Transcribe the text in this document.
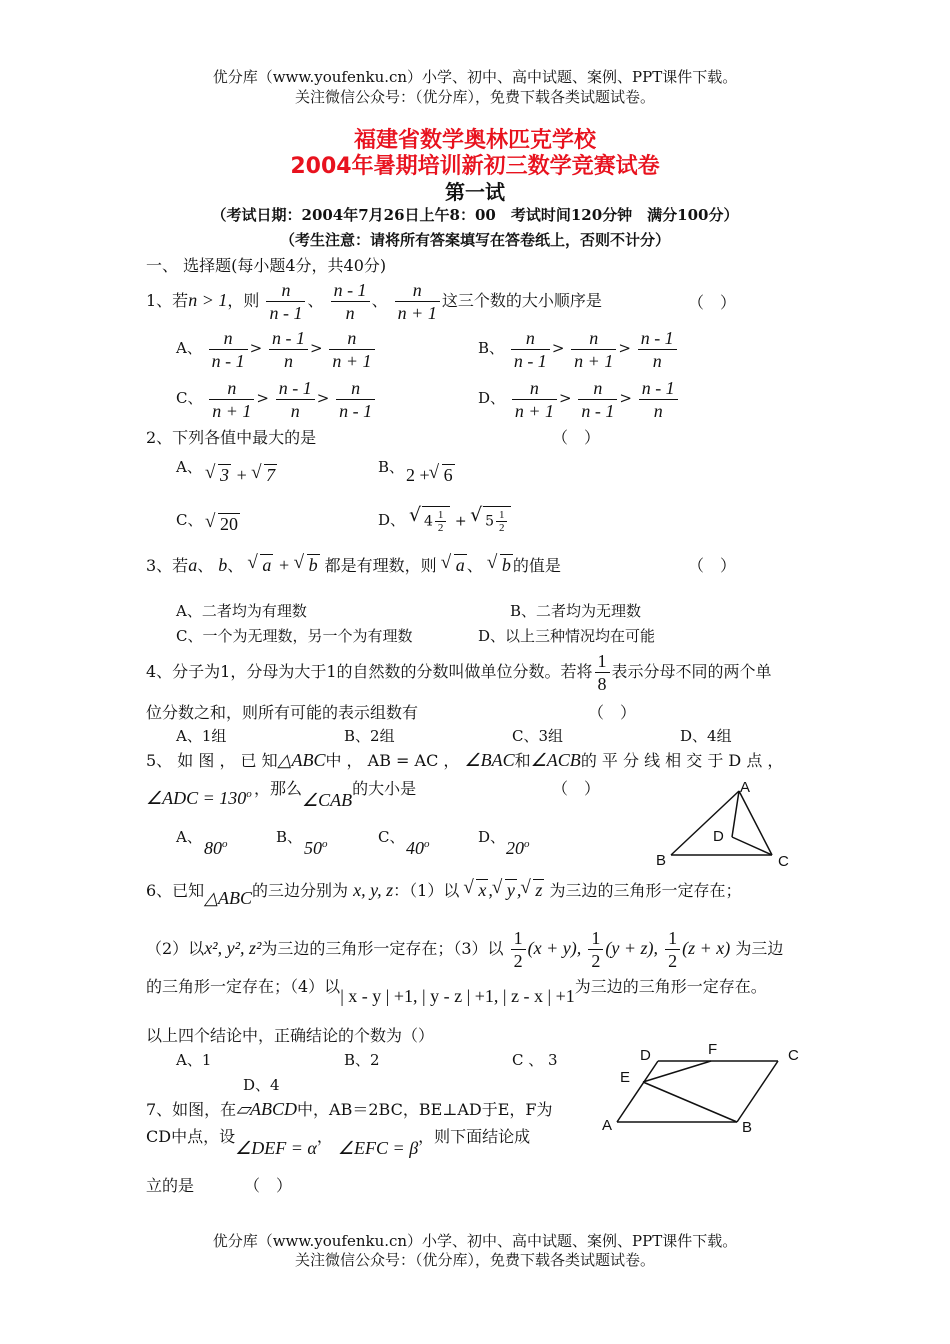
优分库（www.youfenku.cn）小学、初中、高中试题、案例、PPT课件下载。
关注微信公众号：（优分库），免费下载各类试题试卷。
福建省数学奥林匹克学校
2004年暑期培训新初三数学竞赛试卷
第一试
（考试日期：2004年7月26日上午8：00　考试时间120分钟　满分100分）
（考生注意：请将所有答案填写在答卷纸上，否则不计分）
一、 选择题(每小题4分，共40分)
1、若n > 1，则 $\frac{n}{n - 1}$ 、 $\frac{n - 1}{n}$ 、 $\frac{n}{n + 1}$ 这三个数的大小顺序是	（　）
A、 $\frac{n}{n - 1} > \frac{n - 1}{n} > \frac{n}{n + 1}$	B、 $\frac{n}{n - 1} > \frac{n}{n + 1} > \frac{n - 1}{n}$
C、 $\frac{n}{n + 1} > \frac{n - 1}{n} > \frac{n}{n - 1}$	D、 $\frac{n}{n + 1} > \frac{n}{n - 1} > \frac{n - 1}{n}$
2、下列各值中最大的是	（　）
A、	√ 3 + √ 7	B、 2 + √ 6
C、 √ 20	D、	√ $4 \frac{1}{2}$ + √ $5 \frac{1}{2}$
3、若a、 b、 √ a + √ b 都是有理数，则 √ a 、 √ b 的值是	（　）
A、二者均为有理数	B、二者均为无理数
C、一个为无理数，另一个为有理数	D、以上三种情况均在可能
4、分子为1，分母为大于1的自然数的分数叫做单位分数。若将 $\frac{1}{8}$ 表示分母不同的两个单
位分数之和，则所有可能的表示组数有	（　）
A、1组	B、2组	C、3组	D、4组
5、 如 图 ， 已 知△ABC中 ， AB = AC ， ∠BAC和∠ACB的 平 分 线 相 交 于 D 点 ，
∠ADC = $130^o$ ，那么∠CAB的大小是	（　）
A、
80$^o$	B、
50$^o$	C、
40$^o$	D、
20$^o$
A
B	C
D
6、已知△ABC的三边分别为 x, y, z：（1）以 √ x , √ y , √ z 为三边的三角形一定存在；
（2）以x², y², z²为三边的三角形一定存在；（3）以 $\frac{1}{2} (x + y)$, $\frac{1}{2} (y + z)$, $\frac{1}{2} (z + x)$ 为三边
的三角形一定存在；（4）以| x - y | +1, | y - z | +1, | z - x | +1为三边的三角形一定存在。
以上四个结论中，正确结论的个数为（）
A、1	B、2	C 、 3
D、4
7、如图，在▱ABCD中，AB＝2BC，BE⊥AD于E，F为
CD中点，设∠DEF = α， ∠EFC = β，则下面结论成
立的是	（　）
A	B
C
D
E
F
优分库（www.youfenku.cn）小学、初中、高中试题、案例、PPT课件下载。
关注微信公众号：（优分库），免费下载各类试题试卷。
